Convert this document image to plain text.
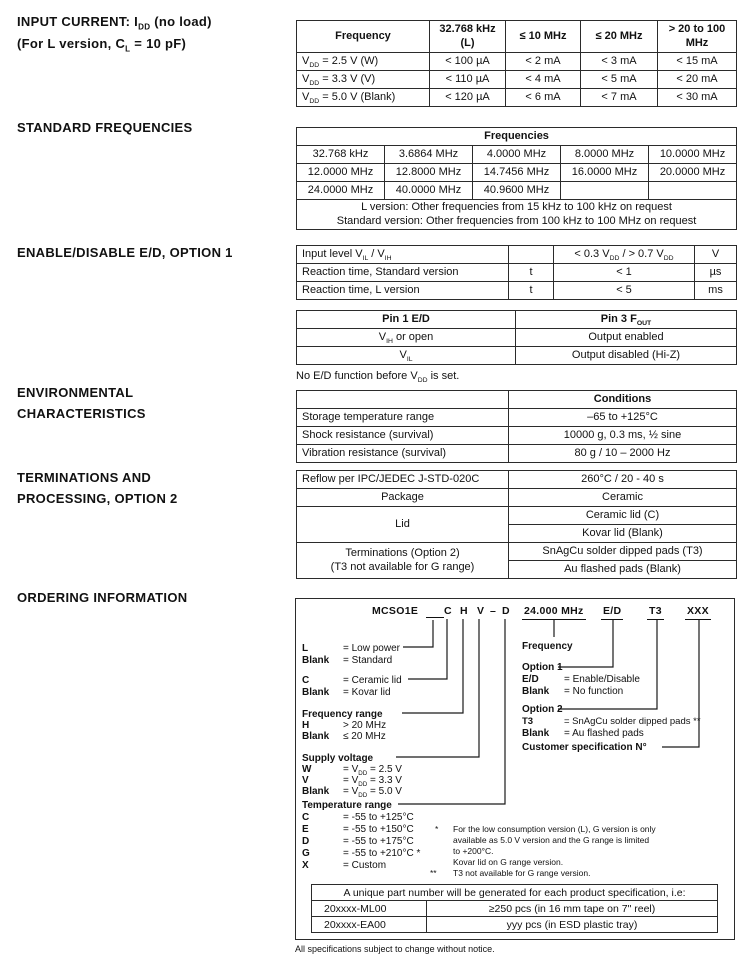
INPUT CURRENT: $I_{DD}$ (no load)
(For L version, $C_L = 10$ pF)
STANDARD FREQUENCIES
ENABLE/DISABLE E/D, OPTION 1
ENVIRONMENTAL
CHARACTERISTICS
TERMINATIONS AND
PROCESSING, OPTION 2
ORDERING INFORMATION
Frequency	32.768 kHz (L)	≤ 10 MHz	≤ 20 MHz	> 20 to 100 MHz
$V_{DD} = 2.5$ V (W)	< 100 µA	< 2 mA	< 3 mA	< 15 mA
$V_{DD} = 3.3$ V (V)	< 110 µA	< 4 mA	< 5 mA	< 20 mA
$V_{DD} = 5.0$ V (Blank)	< 120 µA	< 6 mA	< 7 mA	< 30 mA
Frequencies				
32.768 kHz	3.6864 MHz	4.0000 MHz	8.0000 MHz	10.0000 MHz
12.0000 MHz	12.8000 MHz	14.7456 MHz	16.0000 MHz	20.0000 MHz
24.0000 MHz	40.0000 MHz	40.9600 MHz		

L version: Other frequencies from 15 kHz to 100 kHz on request
Standard version: Other frequencies from 100 kHz to 100 MHz on request				
Input level $V_{IL} / V_{IH}$		< 0.3 $V_{DD}$ / > 0.7 $V_{DD}$	V
Reaction time, Standard version	t	< 1	µs
Reaction time, L version	t	< 5	ms
Pin 1 E/D	Pin 3 $F_{OUT}$
$V_{IH}$ or open	Output enabled
$V_{IL}$	Output disabled (Hi-Z)
No E/D function before $V_{DD}$ is set.
	Conditions
Storage temperature range	–65 to +125°C
Shock resistance (survival)	10000 g, 0.3 ms, ½ sine
Vibration resistance (survival)	80 g / 10 – 2000 Hz
Reflow per IPC/JEDEC J-STD-020C	260°C / 20 - 40 s
Package	Ceramic
Lid	Ceramic lid (C)
	Kovar lid (Blank)

Terminations (Option 2)
(T3 not available for G range)	SnAgCu solder dipped pads (T3)
	Au flashed pads (Blank)
MCSO1E C H V – D 24.000 MHz E/D	T3 XXX
L	= Low power
Blank = Standard
C	= Ceramic lid
Blank = Kovar lid
Frequency range
H	> 20 MHz
Blank ≤ 20 MHz
Supply voltage
W	= $V_{DD} = 2.5$ V
V	= $V_{DD} = 3.3$ V
Blank = $V_{DD} = 5.0$ V
Temperature range
C	= -55 to +125°C
E	= -55 to +150°C
D	= -55 to +175°C
G	= -55 to +210°C *
X	= Custom
Frequency
Option 1
E/D	= Enable/Disable
Blank = No function
Option 2
T3	= SnAgCu solder dipped pads **
Blank = Au flashed pads
Customer specification N°
* For the low consumption version (L), G version is only
available as 5.0 V version and the G range is limited
to +200°C.
Kovar lid on G range version.
** T3 not available for G range version.
A unique part number will be generated for each product specification, i.e:	
20xxxx-ML00	≥250 pcs (in 16 mm tape on 7" reel)
20xxxx-EA00	yyy pcs (in ESD plastic tray)
All specifications subject to change without notice.
